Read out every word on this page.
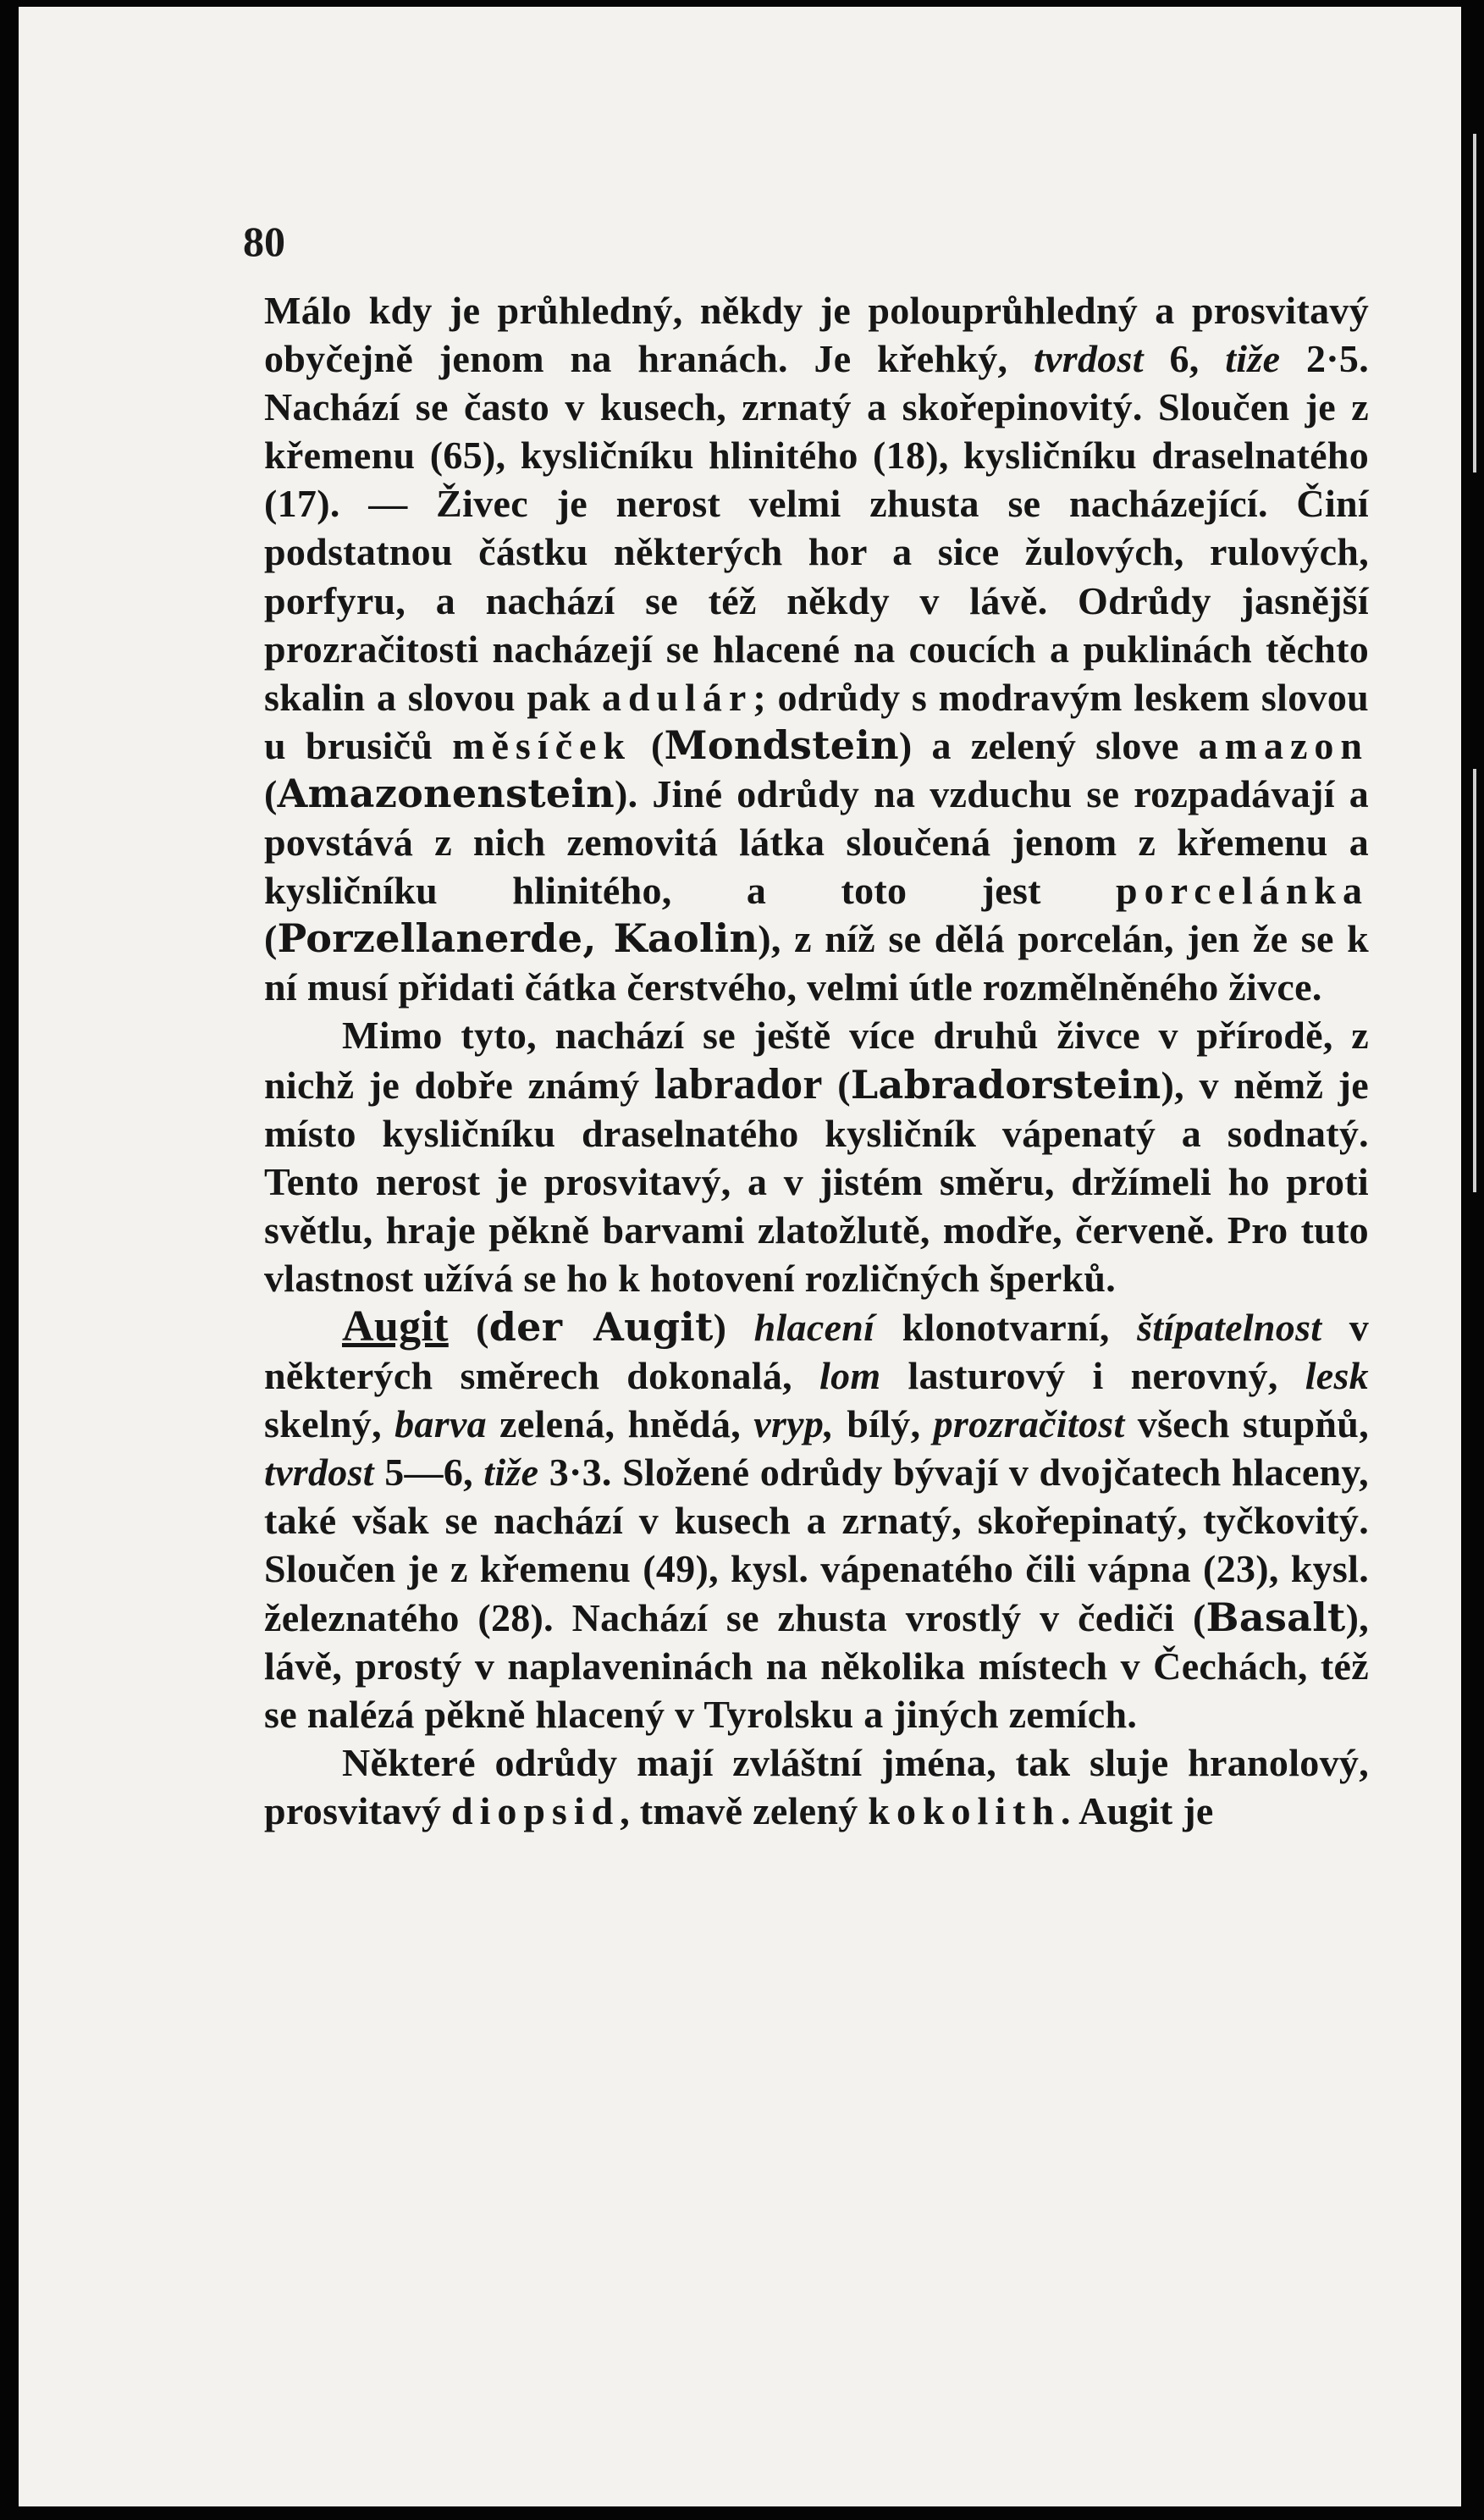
80

Málo kdy je průhledný, někdy je polouprůhledný a prosvitavý obyčejně jenom na hranách. Je křehký, tvrdost 6, tiže 2·5. Nachází se často v kusech, zrnatý a skořepinovitý. Sloučen je z křemenu (65), kysličníku hlinitého (18), kysličníku draselnatého (17). — Živec je nerost velmi zhusta se nacházející. Činí podstatnou částku některých hor a sice žulových, rulových, porfyru, a nachází se též někdy v lávě. Odrůdy jasnější prozračitosti nacházejí se hlacené na coucích a puklinách těchto skalin a slovou pak adulár; odrůdy s modravým leskem slovou u brusičů měsíček (Mondstein) a zelený slove amazon (Amazonenstein). Jiné odrůdy na vzduchu se rozpadávají a povstává z nich zemovitá látka sloučená jenom z křemenu a kysličníku hlinitého, a toto jest porcelánka (Porzellanerde, Kaolin), z níž se dělá porcelán, jen že se k ní musí přidati čátka čerstvého, velmi útle rozmělněného živce.

Mimo tyto, nachází se ještě více druhů živce v přírodě, z nichž je dobře známý labrador (Labradorstein), v němž je místo kysličníku draselnatého kysličník vápenatý a sodnatý. Tento nerost je prosvitavý, a v jistém směru, držímeli ho proti světlu, hraje pěkně barvami zlatožlutě, modře, červeně. Pro tuto vlastnost užívá se ho k hotovení rozličných šperků.

Augit (der Augit) hlacení klonotvarní, štípatelnost v některých směrech dokonalá, lom lasturový i nerovný, lesk skelný, barva zelená, hnědá, vryp, bílý, prozračitost všech stupňů, tvrdost 5—6, tiže 3·3. Složené odrůdy bývají v dvojčatech hlaceny, také však se nachází v kusech a zrnatý, skořepinatý, tyčkovitý. Sloučen je z křemenu (49), kysl. vápenatého čili vápna (23), kysl. železnatého (28). Nachází se zhusta vrostlý v čediči (Basalt), lávě, prostý v naplaveninách na několika místech v Čechách, též se nalézá pěkně hlacený v Tyrolsku a jiných zemích.

Některé odrůdy mají zvláštní jména, tak sluje hranolový, prosvitavý diopsid, tmavě zelený kokolith. Augit je
